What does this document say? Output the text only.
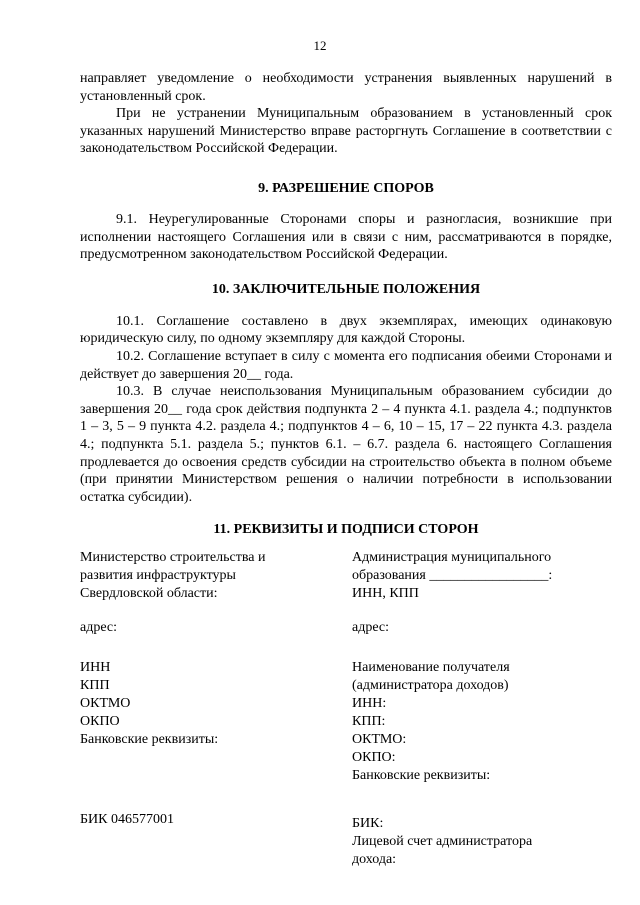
12

направляет уведомление о необходимости устранения выявленных нарушений в установленный срок.

При не устранении Муниципальным образованием в установленный срок указанных нарушений Министерство вправе расторгнуть Соглашение в соответствии с законодательством Российской Федерации.

9. РАЗРЕШЕНИЕ СПОРОВ

9.1. Неурегулированные Сторонами споры и разногласия, возникшие при исполнении настоящего Соглашения или в связи с ним, рассматриваются в порядке, предусмотренном законодательством Российской Федерации.

10. ЗАКЛЮЧИТЕЛЬНЫЕ ПОЛОЖЕНИЯ

10.1. Соглашение составлено в двух экземплярах, имеющих одинаковую юридическую силу, по одному экземпляру для каждой Стороны.

10.2. Соглашение вступает в силу с момента его подписания обеими Сторонами и действует до завершения 20__ года.

10.3. В случае неиспользования Муниципальным образованием субсидии до завершения 20__ года срок действия подпункта 2 – 4 пункта 4.1. раздела 4.; подпунктов 1 – 3, 5 – 9 пункта 4.2. раздела 4.; подпунктов 4 – 6, 10 – 15, 17 – 22 пункта 4.3. раздела 4.; подпункта 5.1. раздела 5.; пунктов 6.1. – 6.7. раздела 6. настоящего Соглашения продлевается до освоения средств субсидии на строительство объекта в полном объеме (при принятии Министерством решения о наличии потребности в использовании остатка субсидии).

11. РЕКВИЗИТЫ И ПОДПИСИ СТОРОН
Министерство строительства и
развития инфраструктуры
Свердловской области:
адрес:
ИНН
КПП
ОКТМО
ОКПО
Банковские реквизиты:
БИК 046577001
Администрация муниципального
образования _________________:
ИНН, КПП
адрес:
Наименование получателя
(администратора доходов)
ИНН:
КПП:
ОКТМО:
ОКПО:
Банковские реквизиты:
БИК:
Лицевой счет администратора
дохода:
